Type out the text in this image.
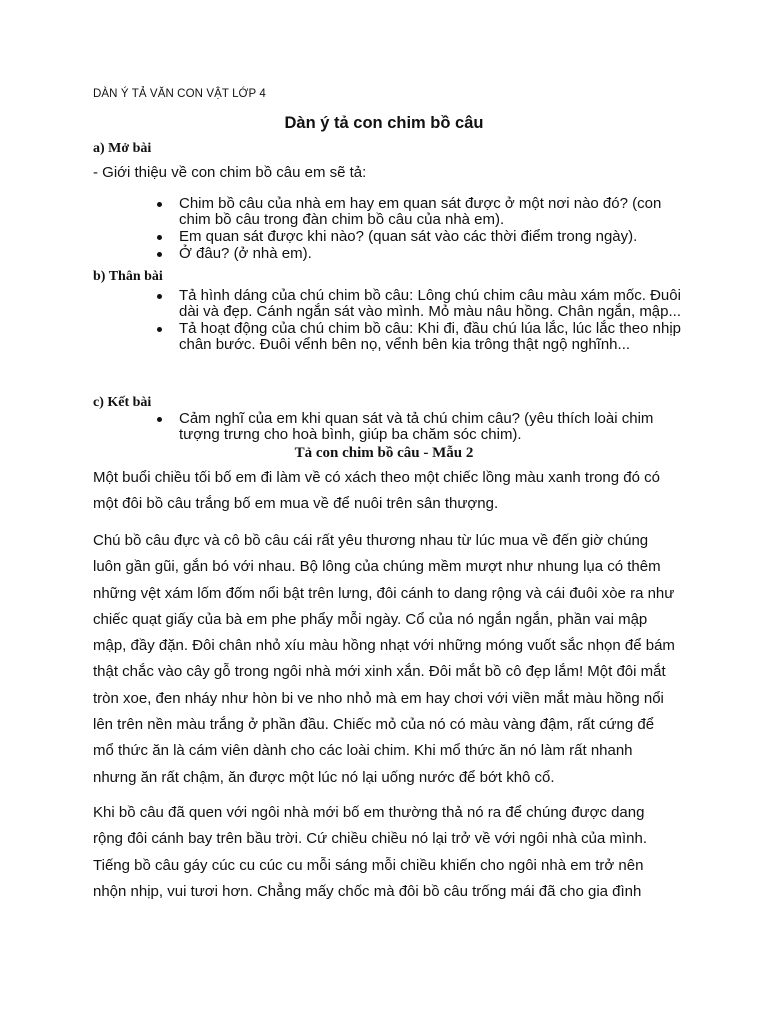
DÀN Ý TẢ VĂN CON VẬT LỚP 4
Dàn ý tả con chim bồ câu
a) Mở bài
- Giới thiệu về con chim bồ câu em sẽ tả:
Chim bồ câu của nhà em hay em quan sát được ở một nơi nào đó? (con chim bồ câu trong đàn chim bồ câu của nhà em).
Em quan sát được khi nào? (quan sát vào các thời điểm trong ngày).
Ở đâu? (ở nhà em).
b) Thân bài
Tả hình dáng của chú chim bồ câu: Lông chú chim câu màu xám mốc. Đuôi dài và đẹp. Cánh ngắn sát vào mình. Mỏ màu nâu hồng. Chân ngắn, mập...
Tả hoạt động của chú chim bồ câu: Khi đi, đầu chú lúa lắc, lúc lắc theo nhịp chân bước. Đuôi vểnh bên nọ, vểnh bên kia trông thật ngộ nghĩnh...
c) Kết bài
Cảm nghĩ của em khi quan sát và tả chú chim câu? (yêu thích loài chim tượng trưng cho hoà bình, giúp ba chăm sóc chim).
Tả con chim bồ câu - Mẫu 2

Một buổi chiều tối bố em đi làm về có xách theo một chiếc lồng màu xanh trong đó có một đôi bồ câu trắng bố em mua về để nuôi trên sân thượng.

Chú bồ câu đực và cô bồ câu cái rất yêu thương nhau từ lúc mua về đến giờ chúng luôn gần gũi, gắn bó với nhau. Bộ lông của chúng mềm mượt như nhung lụa có thêm những vệt xám lốm đốm nổi bật trên lưng, đôi cánh to dang rộng và cái đuôi xòe ra như chiếc quạt giấy của bà em phe phẩy mỗi ngày. Cổ của nó ngắn ngắn, phần vai mập mập, đầy đặn. Đôi chân nhỏ xíu màu hồng nhạt với những móng vuốt sắc nhọn để bám thật chắc vào cây gỗ trong ngôi nhà mới xinh xắn. Đôi mắt bồ cô đẹp lắm! Một đôi mắt tròn xoe, đen nháy như hòn bi ve nho nhỏ mà em hay chơi với viền mắt màu hồng nổi lên trên nền màu trắng ở phần đầu. Chiếc mỏ của nó có màu vàng đậm, rất cứng để mổ thức ăn là cám viên dành cho các loài chim. Khi mổ thức ăn nó làm rất nhanh nhưng ăn rất chậm, ăn được một lúc nó lại uống nước để bớt khô cổ.

Khi bồ câu đã quen với ngôi nhà mới bố em thường thả nó ra để chúng được dang rộng đôi cánh bay trên bầu trời. Cứ chiều chiều nó lại trở về với ngôi nhà của mình. Tiếng bồ câu gáy cúc cu cúc cu mỗi sáng mỗi chiều khiến cho ngôi nhà em trở nên nhộn nhịp, vui tươi hơn. Chẳng mấy chốc mà đôi bồ câu trống mái đã cho gia đình
